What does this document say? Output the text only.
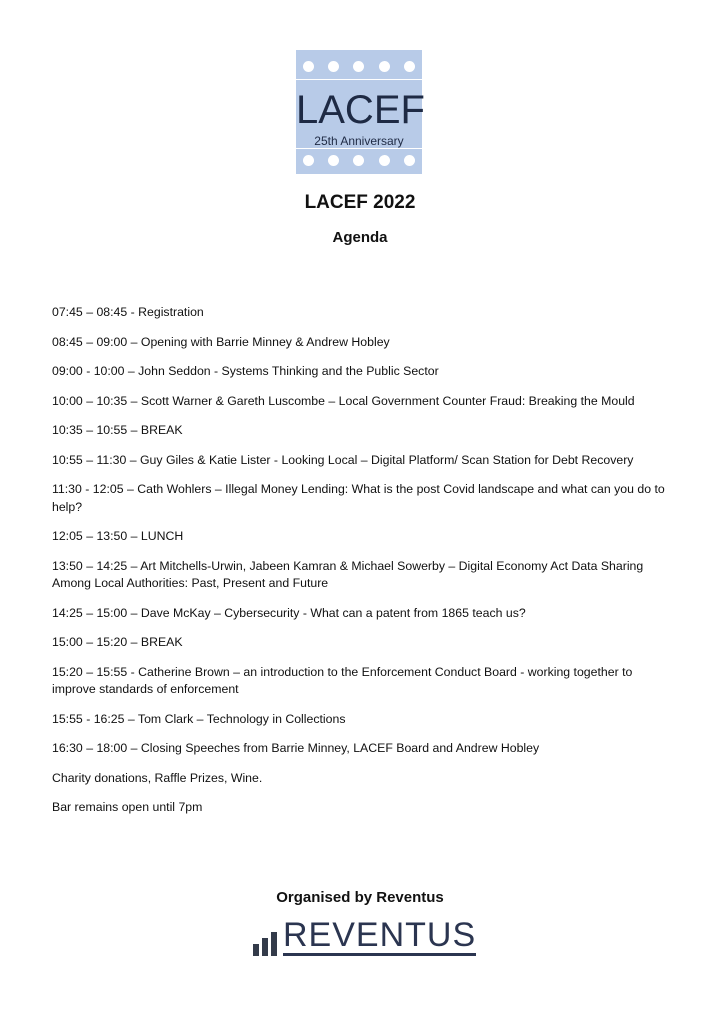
LACEF
25th Anniversary
LACEF 2022
Agenda

07:45 – 08:45 - Registration

08:45 – 09:00 – Opening with Barrie Minney & Andrew Hobley

09:00 - 10:00 – John Seddon - Systems Thinking and the Public Sector

10:00 – 10:35 – Scott Warner & Gareth Luscombe – Local Government Counter Fraud: Breaking the Mould

10:35 – 10:55 – BREAK

10:55 – 11:30 – Guy Giles & Katie Lister - Looking Local – Digital Platform/ Scan Station for Debt Recovery

11:30 - 12:05 – Cath Wohlers – Illegal Money Lending: What is the post Covid landscape and what can you do to help?

12:05 – 13:50 – LUNCH

13:50 – 14:25 – Art Mitchells-Urwin, Jabeen Kamran & Michael Sowerby – Digital Economy Act Data Sharing Among Local Authorities: Past, Present and Future

14:25 – 15:00 – Dave McKay – Cybersecurity - What can a patent from 1865 teach us?

15:00 – 15:20 – BREAK

15:20 – 15:55 - Catherine Brown – an introduction to the Enforcement Conduct Board - working together to improve standards of enforcement

15:55 - 16:25 – Tom Clark – Technology in Collections

16:30 – 18:00 – Closing Speeches from Barrie Minney, LACEF Board and Andrew Hobley

Charity donations, Raffle Prizes, Wine.

Bar remains open until 7pm

Organised by Reventus
REVENTUS
